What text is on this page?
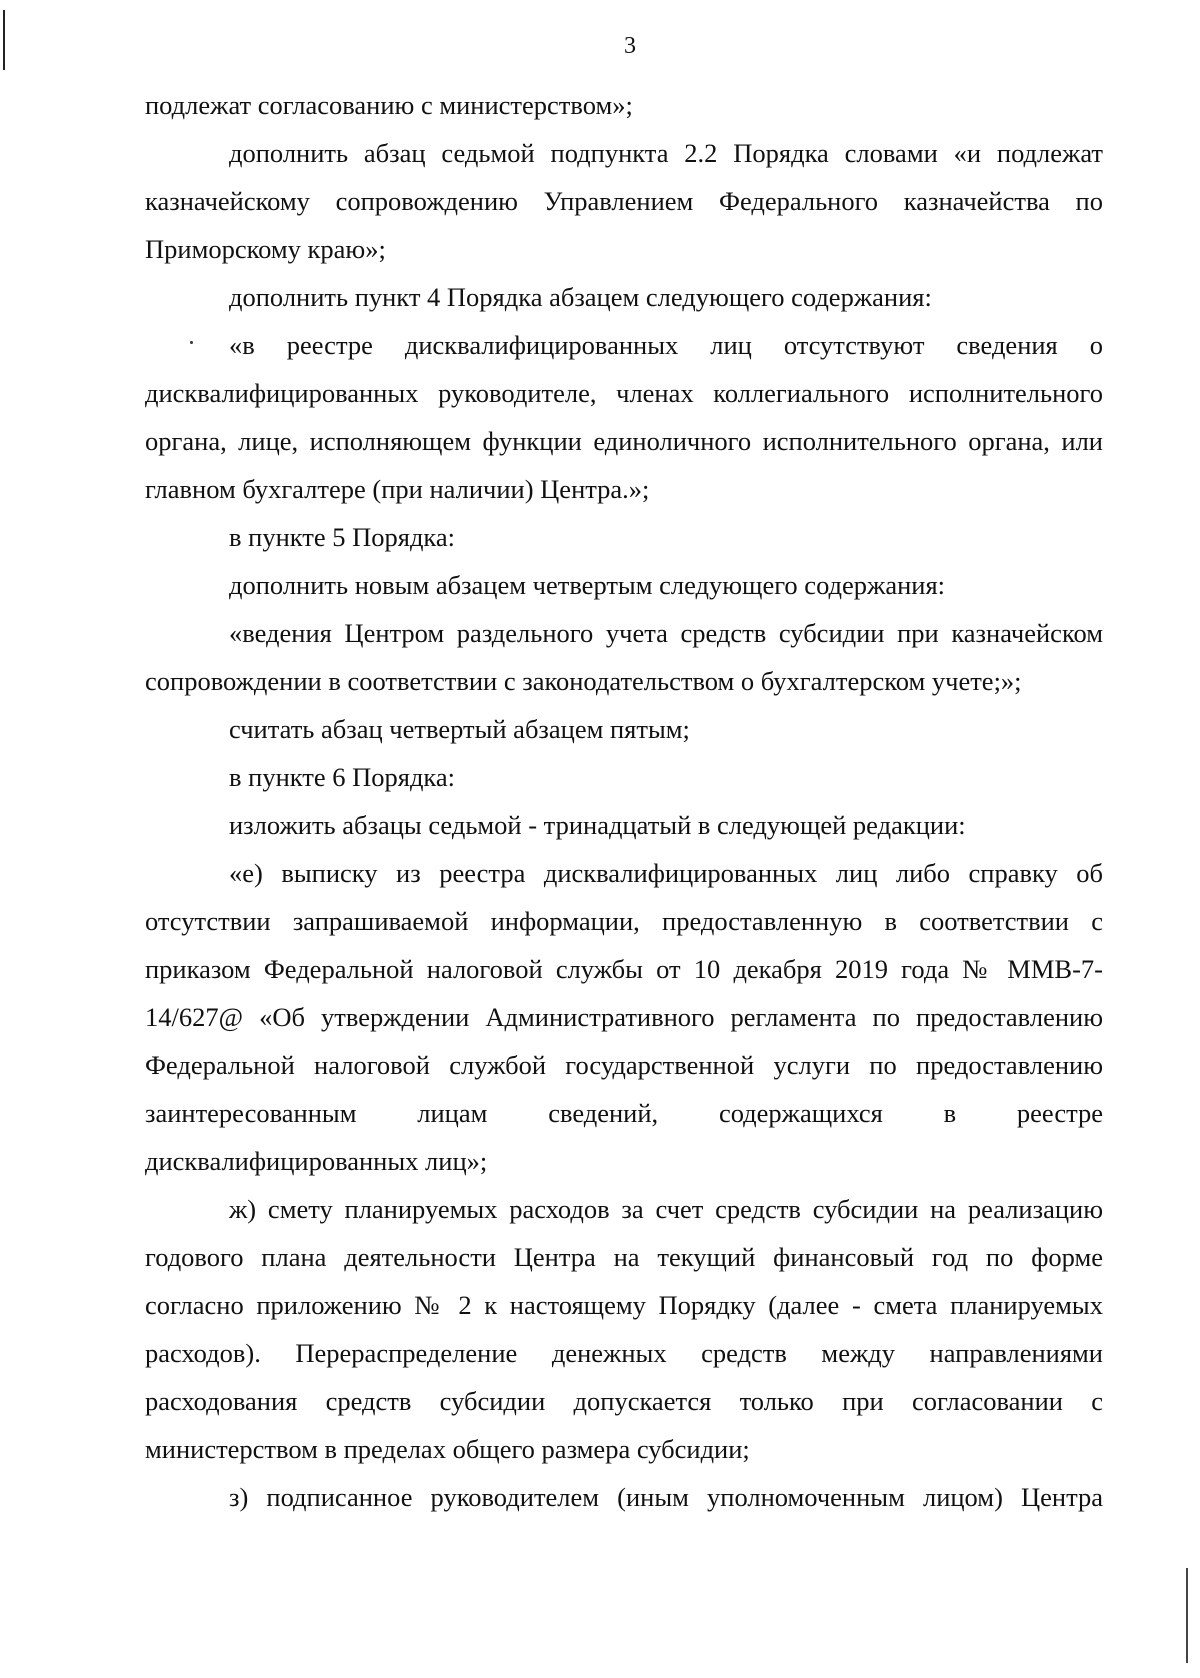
3

подлежат согласованию с министерством»;

дополнить абзац седьмой подпункта 2.2 Порядка словами «и подлежат казначейскому сопровождению Управлением Федерального казначейства по Приморскому краю»;

дополнить пункт 4 Порядка абзацем следующего содержания:

«в реестре дисквалифицированных лиц отсутствуют сведения о дисквалифицированных руководителе, членах коллегиального исполнительного органа, лице, исполняющем функции единоличного исполнительного органа, или главном бухгалтере (при наличии) Центра.»;

в пункте 5 Порядка:

дополнить новым абзацем четвертым следующего содержания:

«ведения Центром раздельного учета средств субсидии при казначейском сопровождении в соответствии с законодательством о бухгалтерском учете;»;

считать абзац четвертый абзацем пятым;

в пункте 6 Порядка:

изложить абзацы седьмой - тринадцатый в следующей редакции:

«е) выписку из реестра дисквалифицированных лиц либо справку об отсутствии запрашиваемой информации, предоставленную в соответствии с приказом Федеральной налоговой службы от 10 декабря 2019 года № ММВ-7-14/627@ «Об утверждении Административного регламента по предоставлению Федеральной налоговой службой государственной услуги по предоставлению заинтересованным лицам сведений, содержащихся в реестре дисквалифицированных лиц»;

ж) смету планируемых расходов за счет средств субсидии на реализацию годового плана деятельности Центра на текущий финансовый год по форме согласно приложению № 2 к настоящему Порядку (далее - смета планируемых расходов). Перераспределение денежных средств между направлениями расходования средств субсидии допускается только при согласовании с министерством в пределах общего размера субсидии;

з) подписанное руководителем (иным уполномоченным лицом) Центра
